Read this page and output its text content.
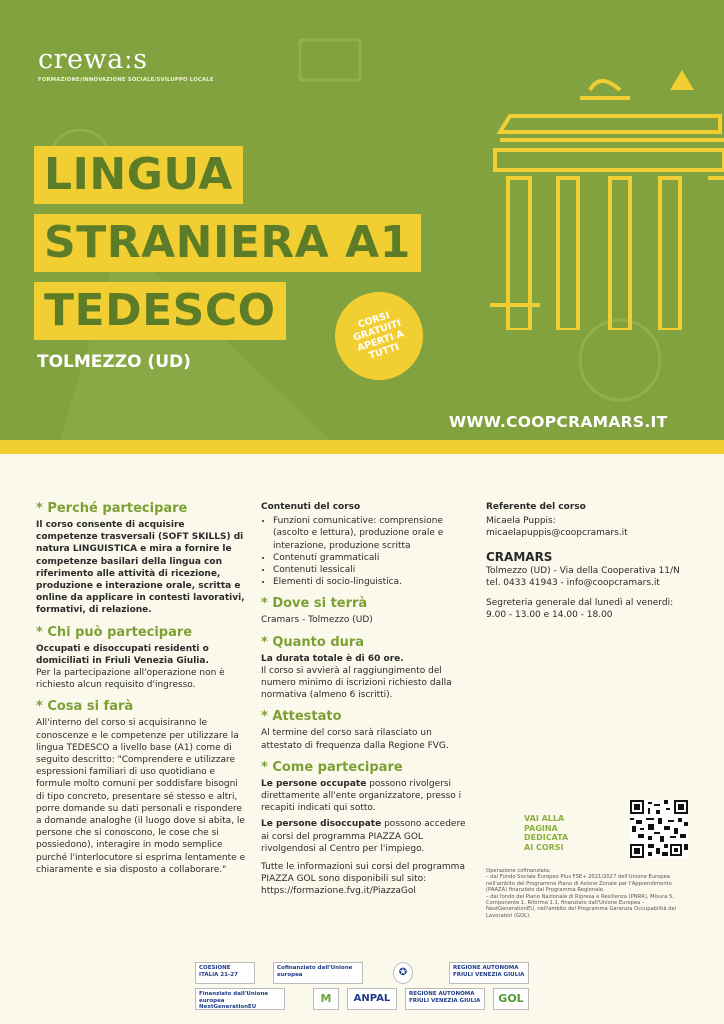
crewaːs
FORMAZIONE/INNOVAZIONE SOCIALE/SVILUPPO LOCALE
LINGUA
STRANIERA A1
TEDESCO
TOLMEZZO (UD)
CORSI
GRATUITI
APERTI A
TUTTI
WWW.COOPCRAMARS.IT
* Perché partecipare

Il corso consente di acquisire competenze trasversali (SOFT SKILLS) di natura LINGUISTICA e mira a fornire le competenze basilari della lingua con riferimento alle attività di ricezione, produzione e interazione orale, scritta e online da applicare in contesti lavorativi, formativi, di relazione.

* Chi può partecipare

Occupati e disoccupati residenti o domiciliati in Friuli Venezia Giulia.

Per la partecipazione all'operazione non è richiesto alcun requisito d'ingresso.

* Cosa si farà

All'interno del corso si acquisiranno le conoscenze e le competenze per utilizzare la lingua TEDESCO a livello base (A1) come di seguito descritto: "Comprendere e utilizzare espressioni familiari di uso quotidiano e formule molto comuni per soddisfare bisogni di tipo concreto, presentare sé stesso e altri, porre domande su dati personali e rispondere a domande analoghe (il luogo dove si abita, le persone che si conoscono, le cose che si possiedono), interagire in modo semplice purché l'interlocutore si esprima lentamente e chiaramente e sia disposto a collaborare."

Contenuti del corso
• Funzioni comunicative: comprensione (ascolto e lettura), produzione orale e interazione, produzione scritta
• Contenuti grammaticali
• Contenuti lessicali
• Elementi di socio-linguistica.
* Dove si terrà

Cramars - Tolmezzo (UD)

* Quanto dura

La durata totale è di 60 ore.

Il corso si avvierà al raggiungimento del numero minimo di iscrizioni richiesto dalla normativa (almeno 6 iscritti).

* Attestato

Al termine del corso sarà rilasciato un attestato di frequenza dalla Regione FVG.

* Come partecipare

Le persone occupate possono rivolgersi direttamente all'ente organizzatore, presso i recapiti indicati qui sotto.

Le persone disoccupate possono accedere ai corsi del programma PIAZZA GOL rivolgendosi al Centro per l'impiego.

Tutte le informazioni sui corsi del programma PIAZZA GOL sono disponibili sul sito: https://formazione.fvg.it/PiazzaGol

Referente del corso
Micaela Puppis:
micaelapuppis@coopcramars.it
CRAMARS
Tolmezzo (UD) - Via della Cooperativa 11/N
tel. 0433 41943 - info@coopcramars.it
Segreteria generale dal lunedì al venerdì:
9.00 - 13.00 e 14.00 - 18.00
VAI ALLA
PAGINA
DEDICATA
AI CORSI
Operazione cofinanziata:
– dal Fondo Sociale Europeo Plus FSE+ 2021/2027 dell'Unione Europea nell'ambito del Programma Piano di Azione Zonale per l'Apprendimento (PAAZA) finanziato dal Programma Regionale.
– dal fondo del Piano Nazionale di Ripresa e Resilienza (PNRR), Misura 5, Componente 1, Riforma 1.1, finanziato dall'Unione Europea – NextGenerationEU, nell'ambito del Programma Garanzia Occupabilità dei Lavoratori (GOL).
COESIONE ITALIA 21-27
Cofinanziato dall'Unione europea	✪	REGIONE AUTONOMA FRIULI VENEZIA GIULIA
Finanziato dall'Unione europea NextGenerationEU
M	ANPAL	REGIONE AUTONOMA FRIULI VENEZIA GIULIA	GOL
